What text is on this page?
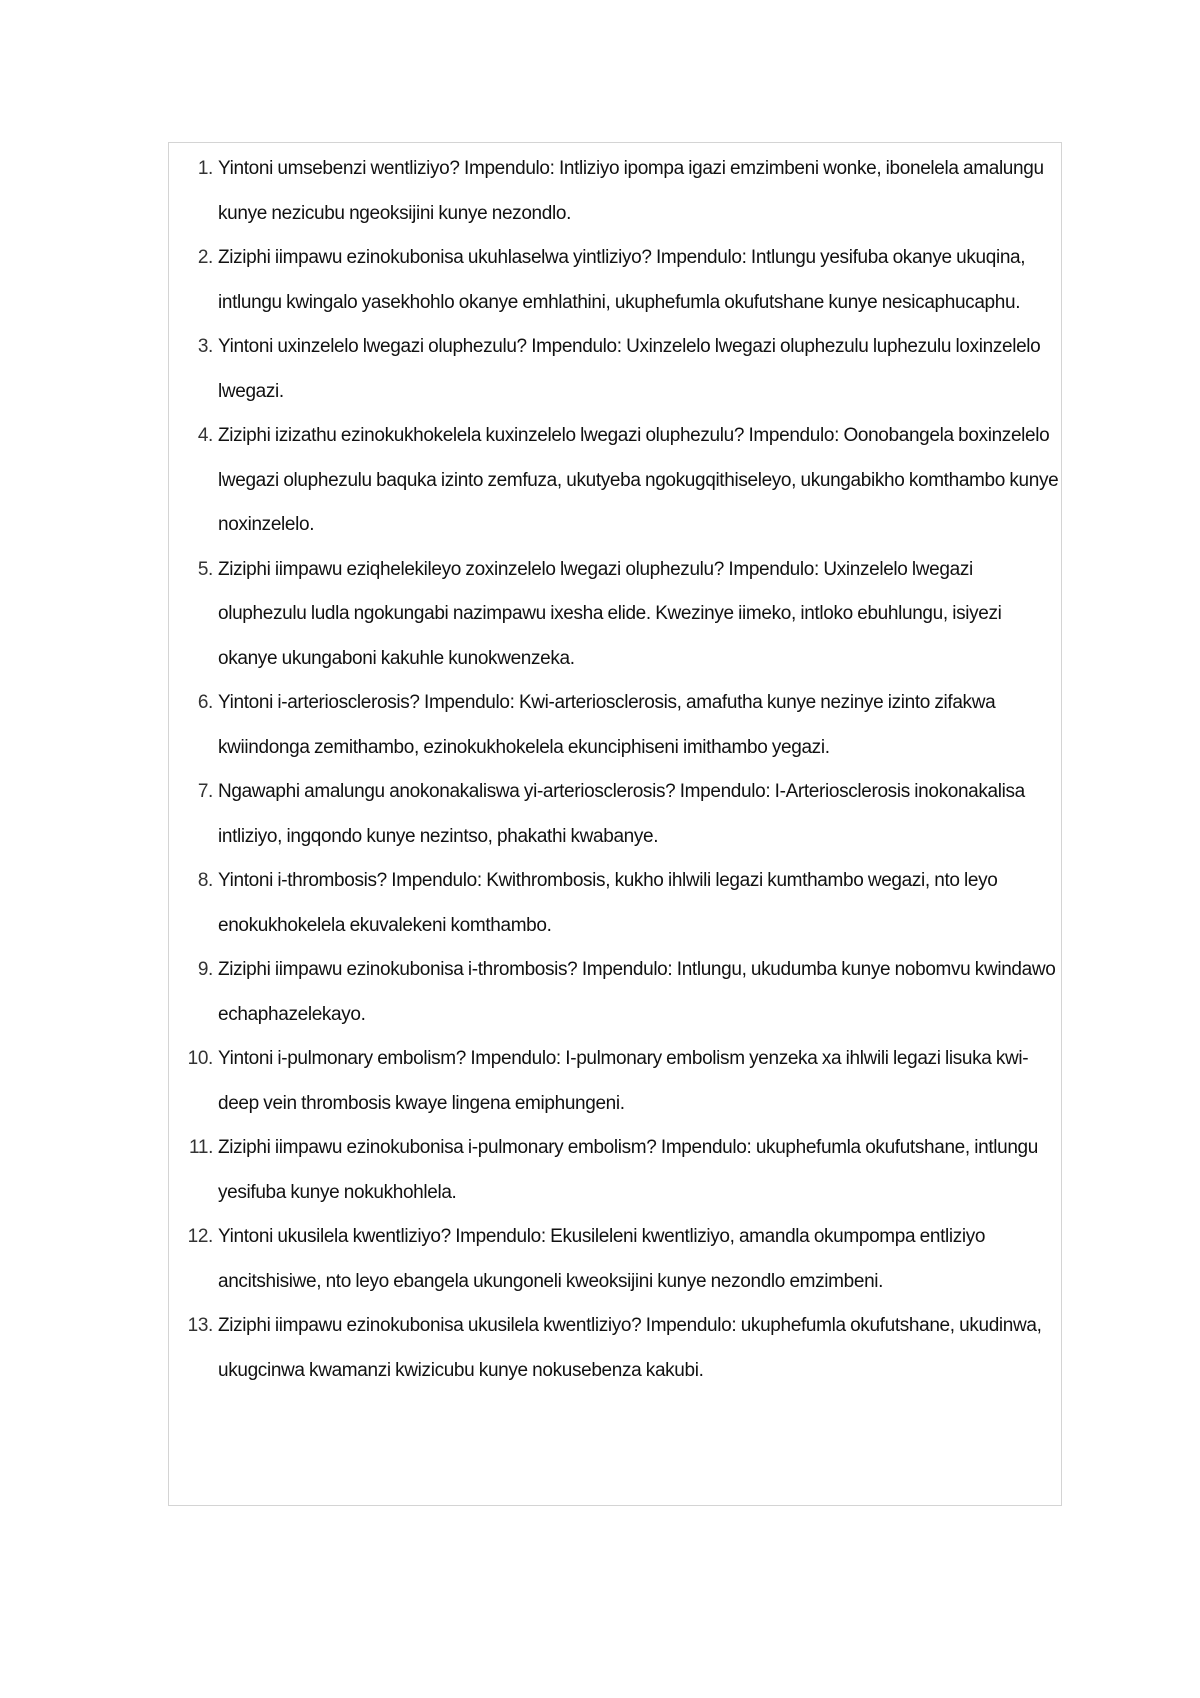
1. Yintoni umsebenzi wentliziyo? Impendulo: Intliziyo ipompa igazi emzimbeni wonke, ibonelela amalungu kunye nezicubu ngeoksijini kunye nezondlo.
2. Ziziphi iimpawu ezinokubonisa ukuhlaselwa yintliziyo? Impendulo: Intlungu yesifuba okanye ukuqina, intlungu kwingalo yasekhohlo okanye emhlathini, ukuphefumla okufutshane kunye nesicaphucaphu.
3. Yintoni uxinzelelo lwegazi oluphezulu? Impendulo: Uxinzelelo lwegazi oluphezulu luphezulu loxinzelelo lwegazi.
4. Ziziphi izizathu ezinokukhokelela kuxinzelelo lwegazi oluphezulu? Impendulo: Oonobangela boxinzelelo lwegazi oluphezulu baquka izinto zemfuza, ukutyeba ngokugqithiseleyo, ukungabikho komthambo kunye noxinzelelo.
5. Ziziphi iimpawu eziqhelekileyo zoxinzelelo lwegazi oluphezulu? Impendulo: Uxinzelelo lwegazi oluphezulu ludla ngokungabi nazimpawu ixesha elide. Kwezinye iimeko, intloko ebuhlungu, isiyezi okanye ukungaboni kakuhle kunokwenzeka.
6. Yintoni i-arteriosclerosis? Impendulo: Kwi-arteriosclerosis, amafutha kunye nezinye izinto zifakwa kwiindonga zemithambo, ezinokukhokelela ekunciphiseni imithambo yegazi.
7. Ngawaphi amalungu anokonakaliswa yi-arteriosclerosis? Impendulo: I-Arteriosclerosis inokonakalisa intliziyo, ingqondo kunye nezintso, phakathi kwabanye.
8. Yintoni i-thrombosis? Impendulo: Kwithrombosis, kukho ihlwili legazi kumthambo wegazi, nto leyo enokukhokelela ekuvalekeni komthambo.
9. Ziziphi iimpawu ezinokubonisa i-thrombosis? Impendulo: Intlungu, ukudumba kunye nobomvu kwindawo echaphazelekayo.
10. Yintoni i-pulmonary embolism? Impendulo: I-pulmonary embolism yenzeka xa ihlwili legazi lisuka kwi-deep vein thrombosis kwaye lingena emiphungeni.
11. Ziziphi iimpawu ezinokubonisa i-pulmonary embolism? Impendulo: ukuphefumla okufutshane, intlungu yesifuba kunye nokukhohlela.
12. Yintoni ukusilela kwentliziyo? Impendulo: Ekusileleni kwentliziyo, amandla okumpompa entliziyo ancitshisiwe, nto leyo ebangela ukungoneli kweoksijini kunye nezondlo emzimbeni.
13. Ziziphi iimpawu ezinokubonisa ukusilela kwentliziyo? Impendulo: ukuphefumla okufutshane, ukudinwa, ukugcinwa kwamanzi kwizicubu kunye nokusebenza kakubi.
